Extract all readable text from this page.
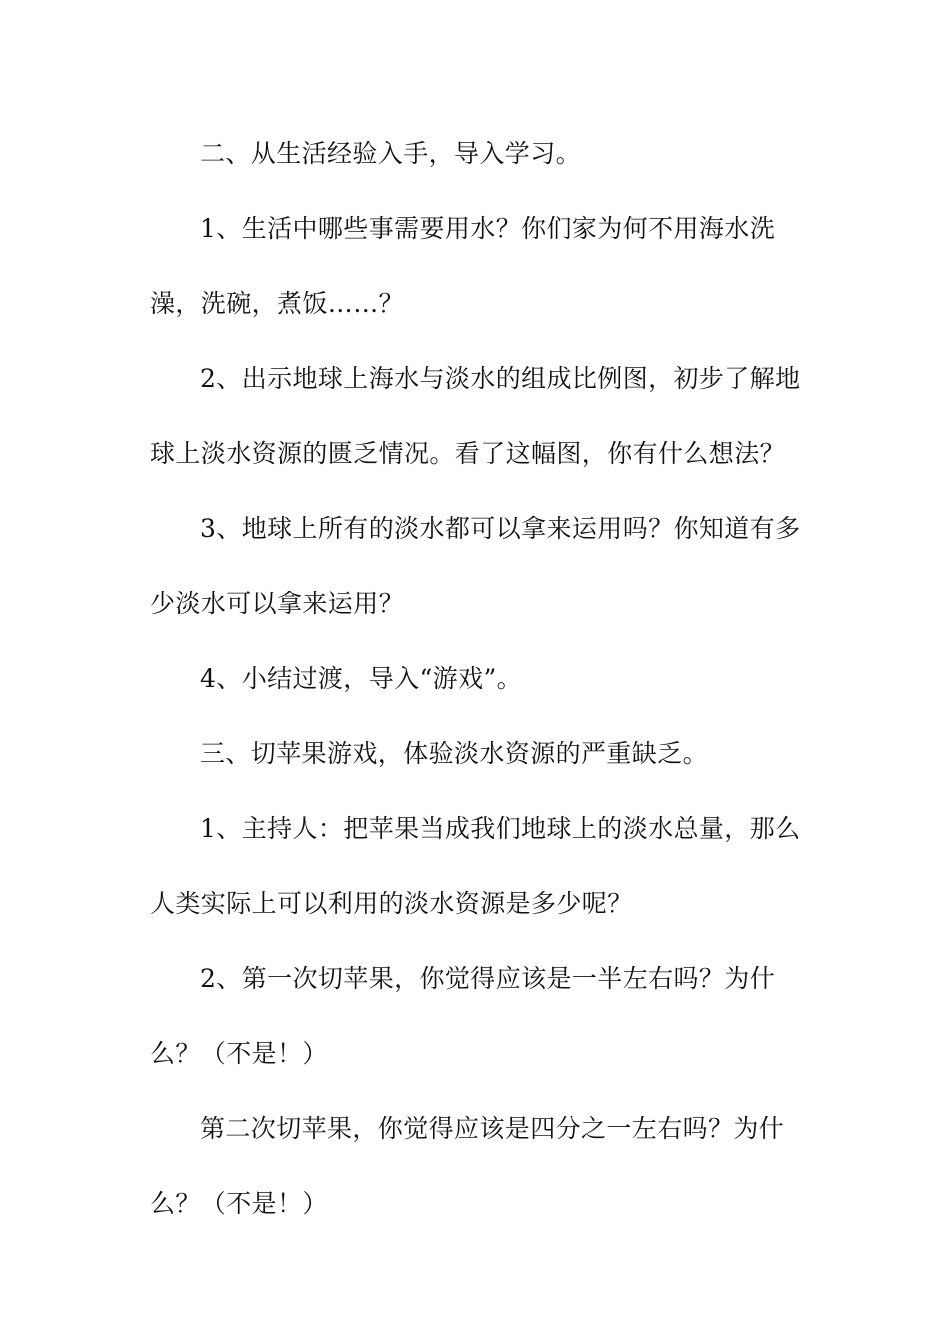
二、从生活经验入手，导入学习。

1、生活中哪些事需要用水？你们家为何不用海水洗
澡，洗碗，煮饭……？

2、出示地球上海水与淡水的组成比例图，初步了解地
球上淡水资源的匮乏情况。看了这幅图，你有什么想法？

3、地球上所有的淡水都可以拿来运用吗？你知道有多
少淡水可以拿来运用？

4、小结过渡，导入“游戏”。

三、切苹果游戏，体验淡水资源的严重缺乏。

1、主持人：把苹果当成我们地球上的淡水总量，那么
人类实际上可以利用的淡水资源是多少呢？

2、第一次切苹果，你觉得应该是一半左右吗？为什
么？（不是！）

第二次切苹果，你觉得应该是四分之一左右吗？为什
么？（不是！）
